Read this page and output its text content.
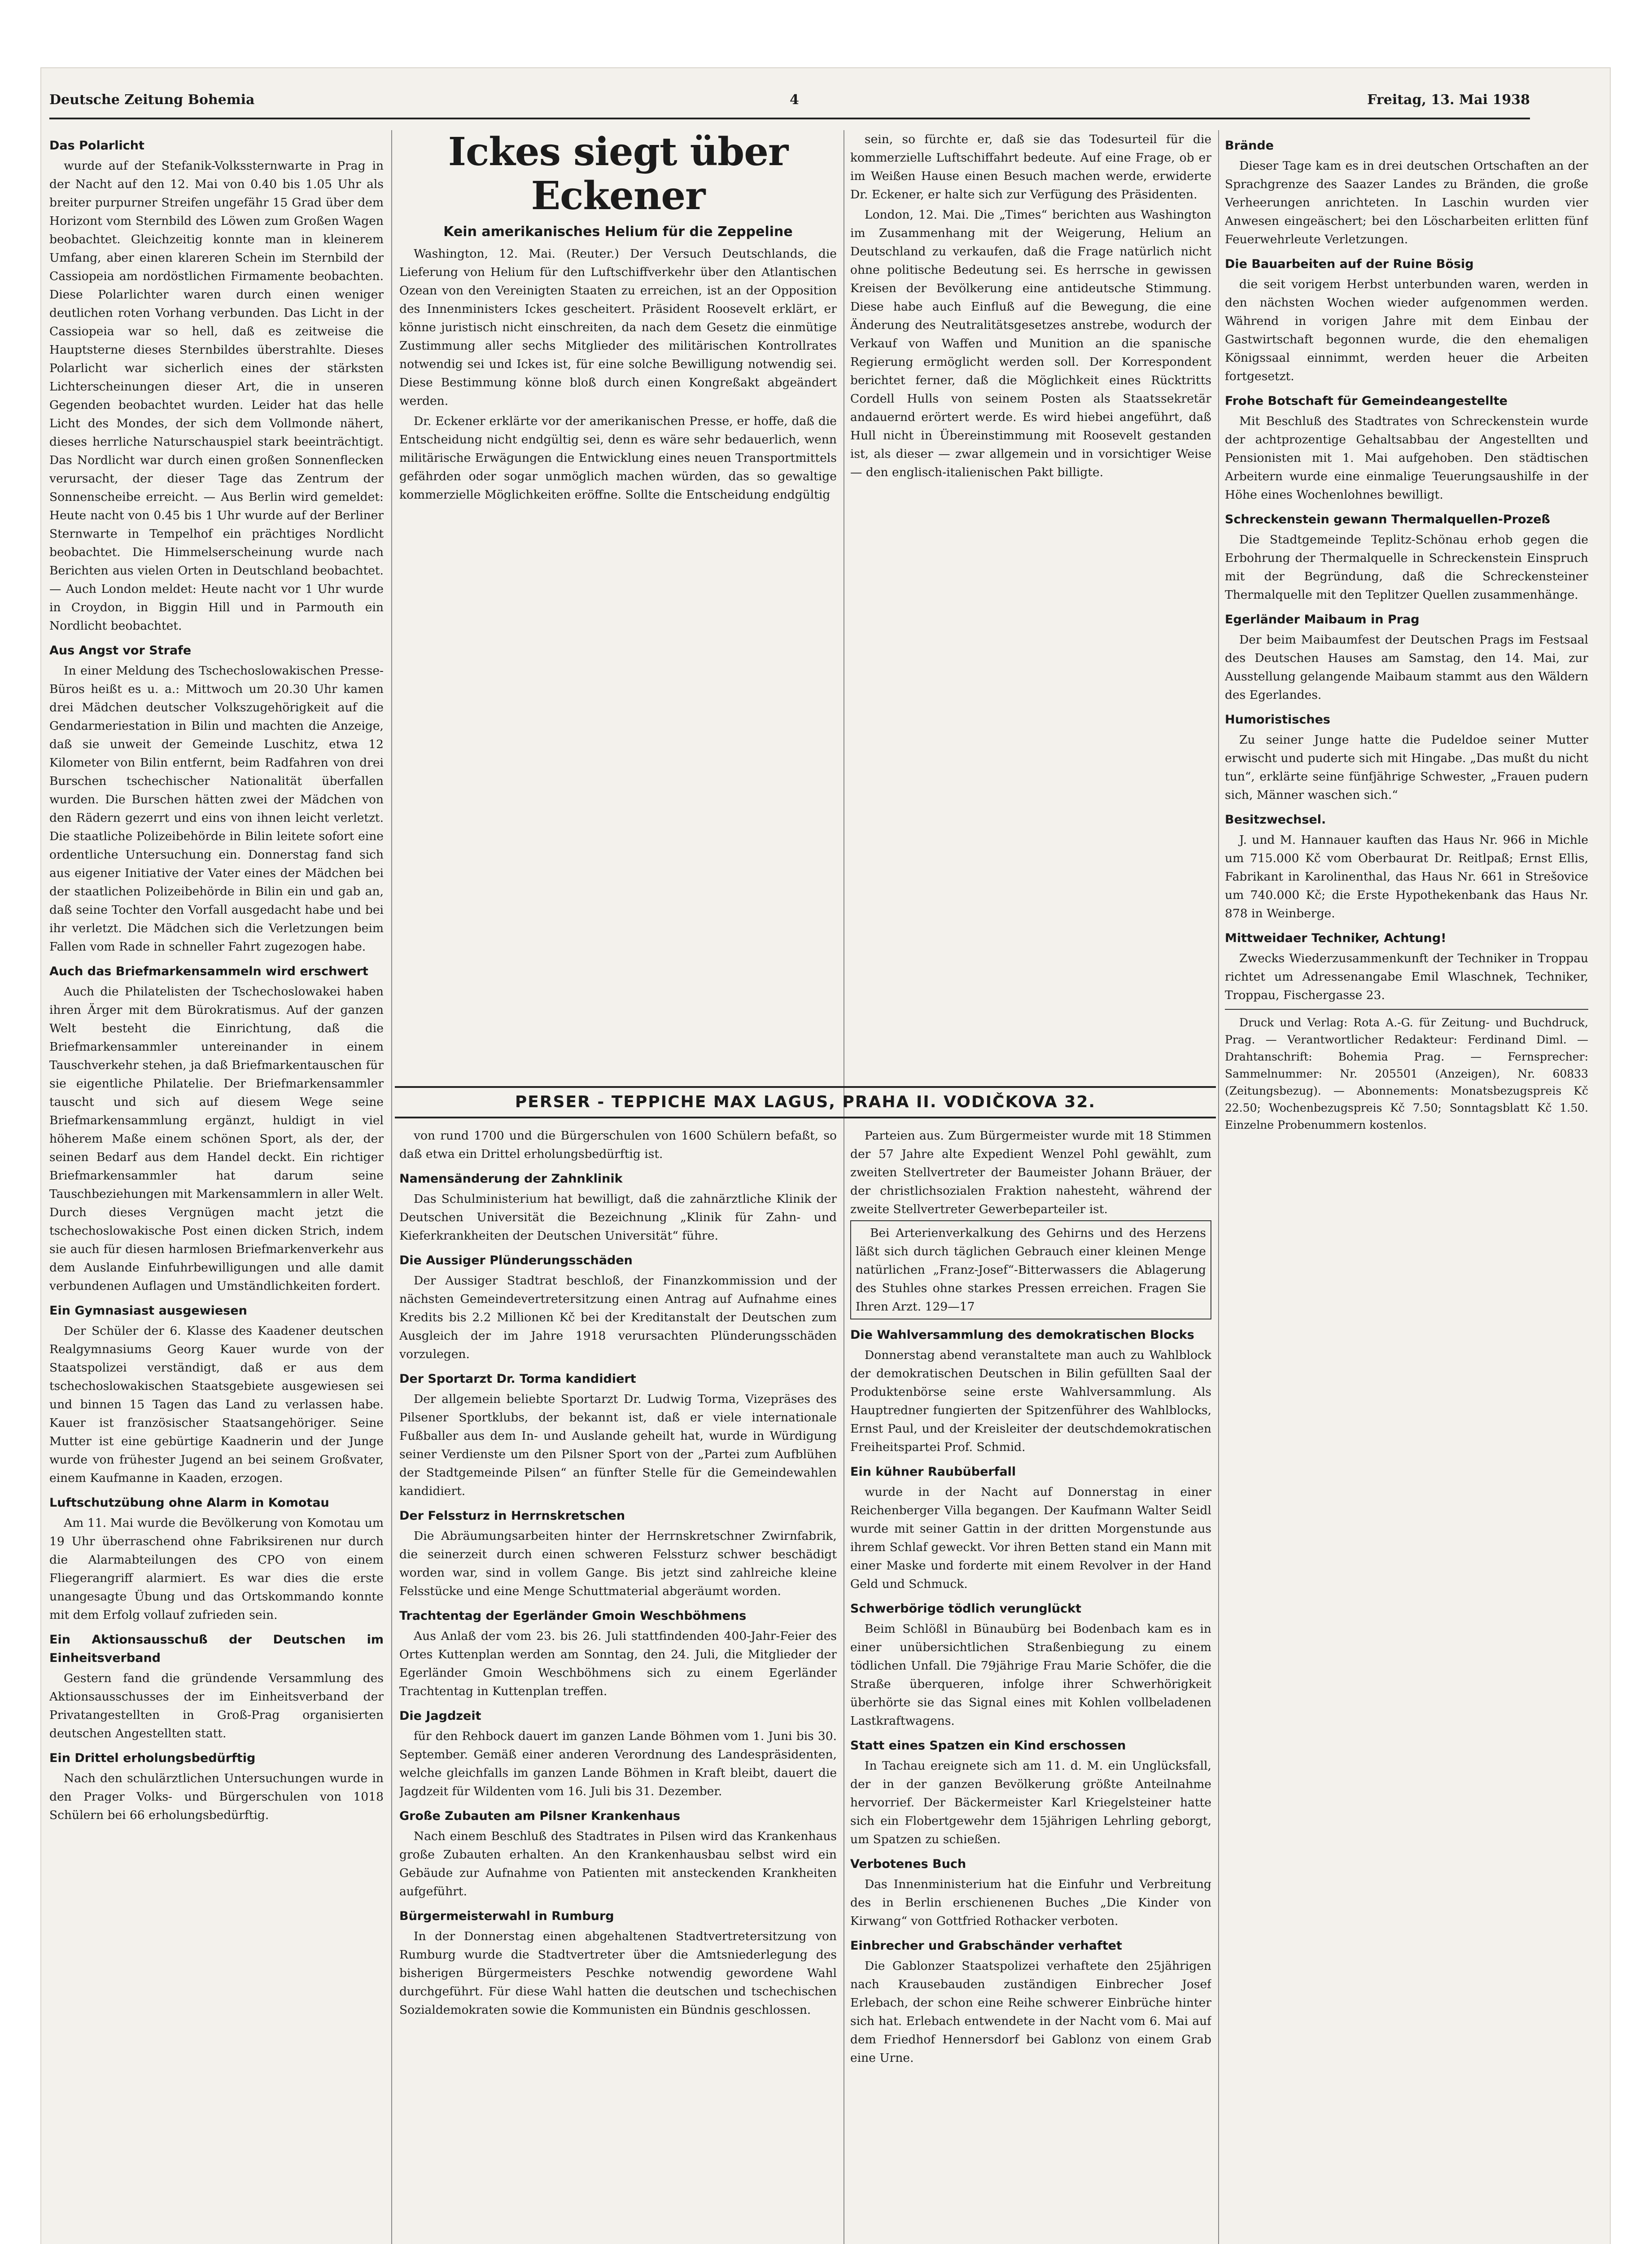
Deutsche Zeitung Bohemia	4	Freitag, 13. Mai 1938
Das Polarlicht

wurde auf der Stefanik-Volkssternwarte in Prag in der Nacht auf den 12. Mai von 0.40 bis 1.05 Uhr als breiter purpurner Streifen ungefähr 15 Grad über dem Horizont vom Sternbild des Löwen zum Großen Wagen beobachtet. Gleichzeitig konnte man in kleinerem Umfang, aber einen klareren Schein im Sternbild der Cassiopeia am nordöstlichen Firmamente beobachten. Diese Polarlichter waren durch einen weniger deutlichen roten Vorhang verbunden. Das Licht in der Cassiopeia war so hell, daß es zeitweise die Hauptsterne dieses Sternbildes überstrahlte. Dieses Polarlicht war sicherlich eines der stärksten Lichterscheinungen dieser Art, die in unseren Gegenden beobachtet wurden. Leider hat das helle Licht des Mondes, der sich dem Vollmonde nähert, dieses herrliche Naturschauspiel stark beeinträchtigt. Das Nordlicht war durch einen großen Sonnenflecken verursacht, der dieser Tage das Zentrum der Sonnenscheibe erreicht. — Aus Berlin wird gemeldet: Heute nacht von 0.45 bis 1 Uhr wurde auf der Berliner Sternwarte in Tempelhof ein prächtiges Nordlicht beobachtet. Die Himmelserscheinung wurde nach Berichten aus vielen Orten in Deutschland beobachtet. — Auch London meldet: Heute nacht vor 1 Uhr wurde in Croydon, in Biggin Hill und in Parmouth ein Nordlicht beobachtet.

Aus Angst vor Strafe

In einer Meldung des Tschechoslowakischen Presse-Büros heißt es u. a.: Mittwoch um 20.30 Uhr kamen drei Mädchen deutscher Volkszugehörigkeit auf die Gendarmeriestation in Bilin und machten die Anzeige, daß sie unweit der Gemeinde Luschitz, etwa 12 Kilometer von Bilin entfernt, beim Radfahren von drei Burschen tschechischer Nationalität überfallen wurden. Die Burschen hätten zwei der Mädchen von den Rädern gezerrt und eins von ihnen leicht verletzt. Die staatliche Polizeibehörde in Bilin leitete sofort eine ordentliche Untersuchung ein. Donnerstag fand sich aus eigener Initiative der Vater eines der Mädchen bei der staatlichen Polizeibehörde in Bilin ein und gab an, daß seine Tochter den Vorfall ausgedacht habe und bei ihr verletzt. Die Mädchen sich die Verletzungen beim Fallen vom Rade in schneller Fahrt zugezogen habe.

Auch das Briefmarkensammeln wird erschwert

Auch die Philatelisten der Tschechoslowakei haben ihren Ärger mit dem Bürokratismus. Auf der ganzen Welt besteht die Einrichtung, daß die Briefmarkensammler untereinander in einem Tauschverkehr stehen, ja daß Briefmarkentauschen für sie eigentliche Philatelie. Der Briefmarkensammler tauscht und sich auf diesem Wege seine Briefmarkensammlung ergänzt, huldigt in viel höherem Maße einem schönen Sport, als der, der seinen Bedarf aus dem Handel deckt. Ein richtiger Briefmarkensammler hat darum seine Tauschbeziehungen mit Markensammlern in aller Welt. Durch dieses Vergnügen macht jetzt die tschechoslowakische Post einen dicken Strich, indem sie auch für diesen harmlosen Briefmarkenverkehr aus dem Auslande Einfuhrbewilligungen und alle damit verbundenen Auflagen und Umständlichkeiten fordert.

Ein Gymnasiast ausgewiesen

Der Schüler der 6. Klasse des Kaadener deutschen Realgymnasiums Georg Kauer wurde von der Staatspolizei verständigt, daß er aus dem tschechoslowakischen Staatsgebiete ausgewiesen sei und binnen 15 Tagen das Land zu verlassen habe. Kauer ist französischer Staatsangehöriger. Seine Mutter ist eine gebürtige Kaadnerin und der Junge wurde von frühester Jugend an bei seinem Großvater, einem Kaufmanne in Kaaden, erzogen.

Luftschutzübung ohne Alarm in Komotau

Am 11. Mai wurde die Bevölkerung von Komotau um 19 Uhr überraschend ohne Fabriksirenen nur durch die Alarmabteilungen des CPO von einem Fliegerangriff alarmiert. Es war dies die erste unangesagte Übung und das Ortskommando konnte mit dem Erfolg vollauf zufrieden sein.

Ein Aktionsausschuß der Deutschen im Einheitsverband

Gestern fand die gründende Versammlung des Aktionsausschusses der im Einheitsverband der Privatangestellten in Groß-Prag organisierten deutschen Angestellten statt.

Ein Drittel erholungsbedürftig

Nach den schulärztlichen Untersuchungen wurde in den Prager Volks- und Bürgerschulen von 1018 Schülern bei 66 erholungsbedürftig.

Ickes siegt über Eckener
Kein amerikanisches Helium für die Zeppeline

Washington, 12. Mai. (Reuter.) Der Versuch Deutschlands, die Lieferung von Helium für den Luftschiffverkehr über den Atlantischen Ozean von den Vereinigten Staaten zu erreichen, ist an der Opposition des Innenministers Ickes gescheitert. Präsident Roosevelt erklärt, er könne juristisch nicht einschreiten, da nach dem Gesetz die einmütige Zustimmung aller sechs Mitglieder des militärischen Kontrollrates notwendig sei und Ickes ist, für eine solche Bewilligung notwendig sei. Diese Bestimmung könne bloß durch einen Kongreßakt abgeändert werden.

Dr. Eckener erklärte vor der amerikanischen Presse, er hoffe, daß die Entscheidung nicht endgültig sei, denn es wäre sehr bedauerlich, wenn militärische Erwägungen die Entwicklung eines neuen Transportmittels gefährden oder sogar unmöglich machen würden, das so gewaltige kommerzielle Möglichkeiten eröffne. Sollte die Entscheidung endgültig

sein, so fürchte er, daß sie das Todesurteil für die kommerzielle Luftschiffahrt bedeute. Auf eine Frage, ob er im Weißen Hause einen Besuch machen werde, erwiderte Dr. Eckener, er halte sich zur Verfügung des Präsidenten.

London, 12. Mai. Die „Times“ berichten aus Washington im Zusammenhang mit der Weigerung, Helium an Deutschland zu verkaufen, daß die Frage natürlich nicht ohne politische Bedeutung sei. Es herrsche in gewissen Kreisen der Bevölkerung eine antideutsche Stimmung. Diese habe auch Einfluß auf die Bewegung, die eine Änderung des Neutralitätsgesetzes anstrebe, wodurch der Verkauf von Waffen und Munition an die spanische Regierung ermöglicht werden soll. Der Korrespondent berichtet ferner, daß die Möglichkeit eines Rücktritts Cordell Hulls von seinem Posten als Staatssekretär andauernd erörtert werde. Es wird hiebei angeführt, daß Hull nicht in Übereinstimmung mit Roosevelt gestanden ist, als dieser — zwar allgemein und in vorsichtiger Weise — den englisch-italienischen Pakt billigte.

PERSER - TEPPICHE MAX LAGUS, PRAHA II. VODIČKOVA 32.

von rund 1700 und die Bürgerschulen von 1600 Schülern befaßt, so daß etwa ein Drittel erholungsbedürftig ist.

Namensänderung der Zahnklinik

Das Schulministerium hat bewilligt, daß die zahnärztliche Klinik der Deutschen Universität die Bezeichnung „Klinik für Zahn- und Kieferkrankheiten der Deutschen Universität“ führe.

Die Aussiger Plünderungsschäden

Der Aussiger Stadtrat beschloß, der Finanzkommission und der nächsten Gemeindevertretersitzung einen Antrag auf Aufnahme eines Kredits bis 2.2 Millionen Kč bei der Kreditanstalt der Deutschen zum Ausgleich der im Jahre 1918 verursachten Plünderungsschäden vorzulegen.

Der Sportarzt Dr. Torma kandidiert

Der allgemein beliebte Sportarzt Dr. Ludwig Torma, Vizepräses des Pilsener Sportklubs, der bekannt ist, daß er viele internationale Fußballer aus dem In- und Auslande geheilt hat, wurde in Würdigung seiner Verdienste um den Pilsner Sport von der „Partei zum Aufblühen der Stadtgemeinde Pilsen“ an fünfter Stelle für die Gemeindewahlen kandidiert.

Der Felssturz in Herrnskretschen

Die Abräumungsarbeiten hinter der Herrnskretschner Zwirnfabrik, die seinerzeit durch einen schweren Felssturz schwer beschädigt worden war, sind in vollem Gange. Bis jetzt sind zahlreiche kleine Felsstücke und eine Menge Schuttmaterial abgeräumt worden.

Trachtentag der Egerländer Gmoin Weschböhmens

Aus Anlaß der vom 23. bis 26. Juli stattfindenden 400-Jahr-Feier des Ortes Kuttenplan werden am Sonntag, den 24. Juli, die Mitglieder der Egerländer Gmoin Weschböhmens sich zu einem Egerländer Trachtentag in Kuttenplan treffen.

Die Jagdzeit

für den Rehbock dauert im ganzen Lande Böhmen vom 1. Juni bis 30. September. Gemäß einer anderen Verordnung des Landespräsidenten, welche gleichfalls im ganzen Lande Böhmen in Kraft bleibt, dauert die Jagdzeit für Wildenten vom 16. Juli bis 31. Dezember.

Große Zubauten am Pilsner Krankenhaus

Nach einem Beschluß des Stadtrates in Pilsen wird das Krankenhaus große Zubauten erhalten. An den Krankenhausbau selbst wird ein Gebäude zur Aufnahme von Patienten mit ansteckenden Krankheiten aufgeführt.

Bürgermeisterwahl in Rumburg

In der Donnerstag einen abgehaltenen Stadtvertretersitzung von Rumburg wurde die Stadtvertreter über die Amtsniederlegung des bisherigen Bürgermeisters Peschke notwendig gewordene Wahl durchgeführt. Für diese Wahl hatten die deutschen und tschechischen Sozialdemokraten sowie die Kommunisten ein Bündnis geschlossen.

Parteien aus. Zum Bürgermeister wurde mit 18 Stimmen der 57 Jahre alte Expedient Wenzel Pohl gewählt, zum zweiten Stellvertreter der Baumeister Johann Bräuer, der der christlichsozialen Fraktion nahesteht, während der zweite Stellvertreter Gewerbeparteiler ist.

Bei Arterienverkalkung des Gehirns und des Herzens läßt sich durch täglichen Gebrauch einer kleinen Menge natürlichen „Franz-Josef“-Bitterwassers die Ablagerung des Stuhles ohne starkes Pressen erreichen. Fragen Sie Ihren Arzt. 129—17

Die Wahlversammlung des demokratischen Blocks

Donnerstag abend veranstaltete man auch zu Wahlblock der demokratischen Deutschen in Bilin gefüllten Saal der Produktenbörse seine erste Wahlversammlung. Als Hauptredner fungierten der Spitzenführer des Wahlblocks, Ernst Paul, und der Kreisleiter der deutschdemokratischen Freiheitspartei Prof. Schmid.

Ein kühner Raubüberfall

wurde in der Nacht auf Donnerstag in einer Reichenberger Villa begangen. Der Kaufmann Walter Seidl wurde mit seiner Gattin in der dritten Morgenstunde aus ihrem Schlaf geweckt. Vor ihren Betten stand ein Mann mit einer Maske und forderte mit einem Revolver in der Hand Geld und Schmuck.

Schwerbörige tödlich verunglückt

Beim Schlößl in Bünaubürg bei Bodenbach kam es in einer unübersichtlichen Straßenbiegung zu einem tödlichen Unfall. Die 79jährige Frau Marie Schöfer, die die Straße überqueren, infolge ihrer Schwerhörigkeit überhörte sie das Signal eines mit Kohlen vollbeladenen Lastkraftwagens.

Statt eines Spatzen ein Kind erschossen

In Tachau ereignete sich am 11. d. M. ein Unglücksfall, der in der ganzen Bevölkerung größte Anteilnahme hervorrief. Der Bäckermeister Karl Kriegelsteiner hatte sich ein Flobertgewehr dem 15jährigen Lehrling geborgt, um Spatzen zu schießen.

Verbotenes Buch

Das Innenministerium hat die Einfuhr und Verbreitung des in Berlin erschienenen Buches „Die Kinder von Kirwang“ von Gottfried Rothacker verboten.

Einbrecher und Grabschänder verhaftet

Die Gablonzer Staatspolizei verhaftete den 25jährigen nach Krausebauden zuständigen Einbrecher Josef Erlebach, der schon eine Reihe schwerer Einbrüche hinter sich hat. Erlebach entwendete in der Nacht vom 6. Mai auf dem Friedhof Hennersdorf bei Gablonz von einem Grab eine Urne.

Brände

Dieser Tage kam es in drei deutschen Ortschaften an der Sprachgrenze des Saazer Landes zu Bränden, die große Verheerungen anrichteten. In Laschin wurden vier Anwesen eingeäschert; bei den Löscharbeiten erlitten fünf Feuerwehrleute Verletzungen.

Die Bauarbeiten auf der Ruine Bösig

die seit vorigem Herbst unterbunden waren, werden in den nächsten Wochen wieder aufgenommen werden. Während in vorigen Jahre mit dem Einbau der Gastwirtschaft begonnen wurde, die den ehemaligen Königssaal einnimmt, werden heuer die Arbeiten fortgesetzt.

Frohe Botschaft für Gemeindeangestellte

Mit Beschluß des Stadtrates von Schreckenstein wurde der achtprozentige Gehaltsabbau der Angestellten und Pensionisten mit 1. Mai aufgehoben. Den städtischen Arbeitern wurde eine einmalige Teuerungsaushilfe in der Höhe eines Wochenlohnes bewilligt.

Schreckenstein gewann Thermalquellen-Prozeß

Die Stadtgemeinde Teplitz-Schönau erhob gegen die Erbohrung der Thermalquelle in Schreckenstein Einspruch mit der Begründung, daß die Schreckensteiner Thermalquelle mit den Teplitzer Quellen zusammenhänge.

Egerländer Maibaum in Prag

Der beim Maibaumfest der Deutschen Prags im Festsaal des Deutschen Hauses am Samstag, den 14. Mai, zur Ausstellung gelangende Maibaum stammt aus den Wäldern des Egerlandes.

Humoristisches

Zu seiner Junge hatte die Pudeldoe seiner Mutter erwischt und puderte sich mit Hingabe. „Das mußt du nicht tun“, erklärte seine fünfjährige Schwester, „Frauen pudern sich, Männer waschen sich.“

Besitzwechsel.

J. und M. Hannauer kauften das Haus Nr. 966 in Michle um 715.000 Kč vom Oberbaurat Dr. Reitlpaß; Ernst Ellis, Fabrikant in Karolinenthal, das Haus Nr. 661 in Strešovice um 740.000 Kč; die Erste Hypothekenbank das Haus Nr. 878 in Weinberge.

Mittweidaer Techniker, Achtung!

Zwecks Wiederzusammenkunft der Techniker in Troppau richtet um Adressenangabe Emil Wlaschnek, Techniker, Troppau, Fischergasse 23.

Druck und Verlag: Rota A.-G. für Zeitung- und Buchdruck, Prag. — Verantwortlicher Redakteur: Ferdinand Diml. — Drahtanschrift: Bohemia Prag. — Fernsprecher: Sammelnummer: Nr. 205501 (Anzeigen), Nr. 60833 (Zeitungsbezug). — Abonnements: Monatsbezugspreis Kč 22.50; Wochenbezugspreis Kč 7.50; Sonntagsblatt Kč 1.50. Einzelne Probenummern kostenlos.
